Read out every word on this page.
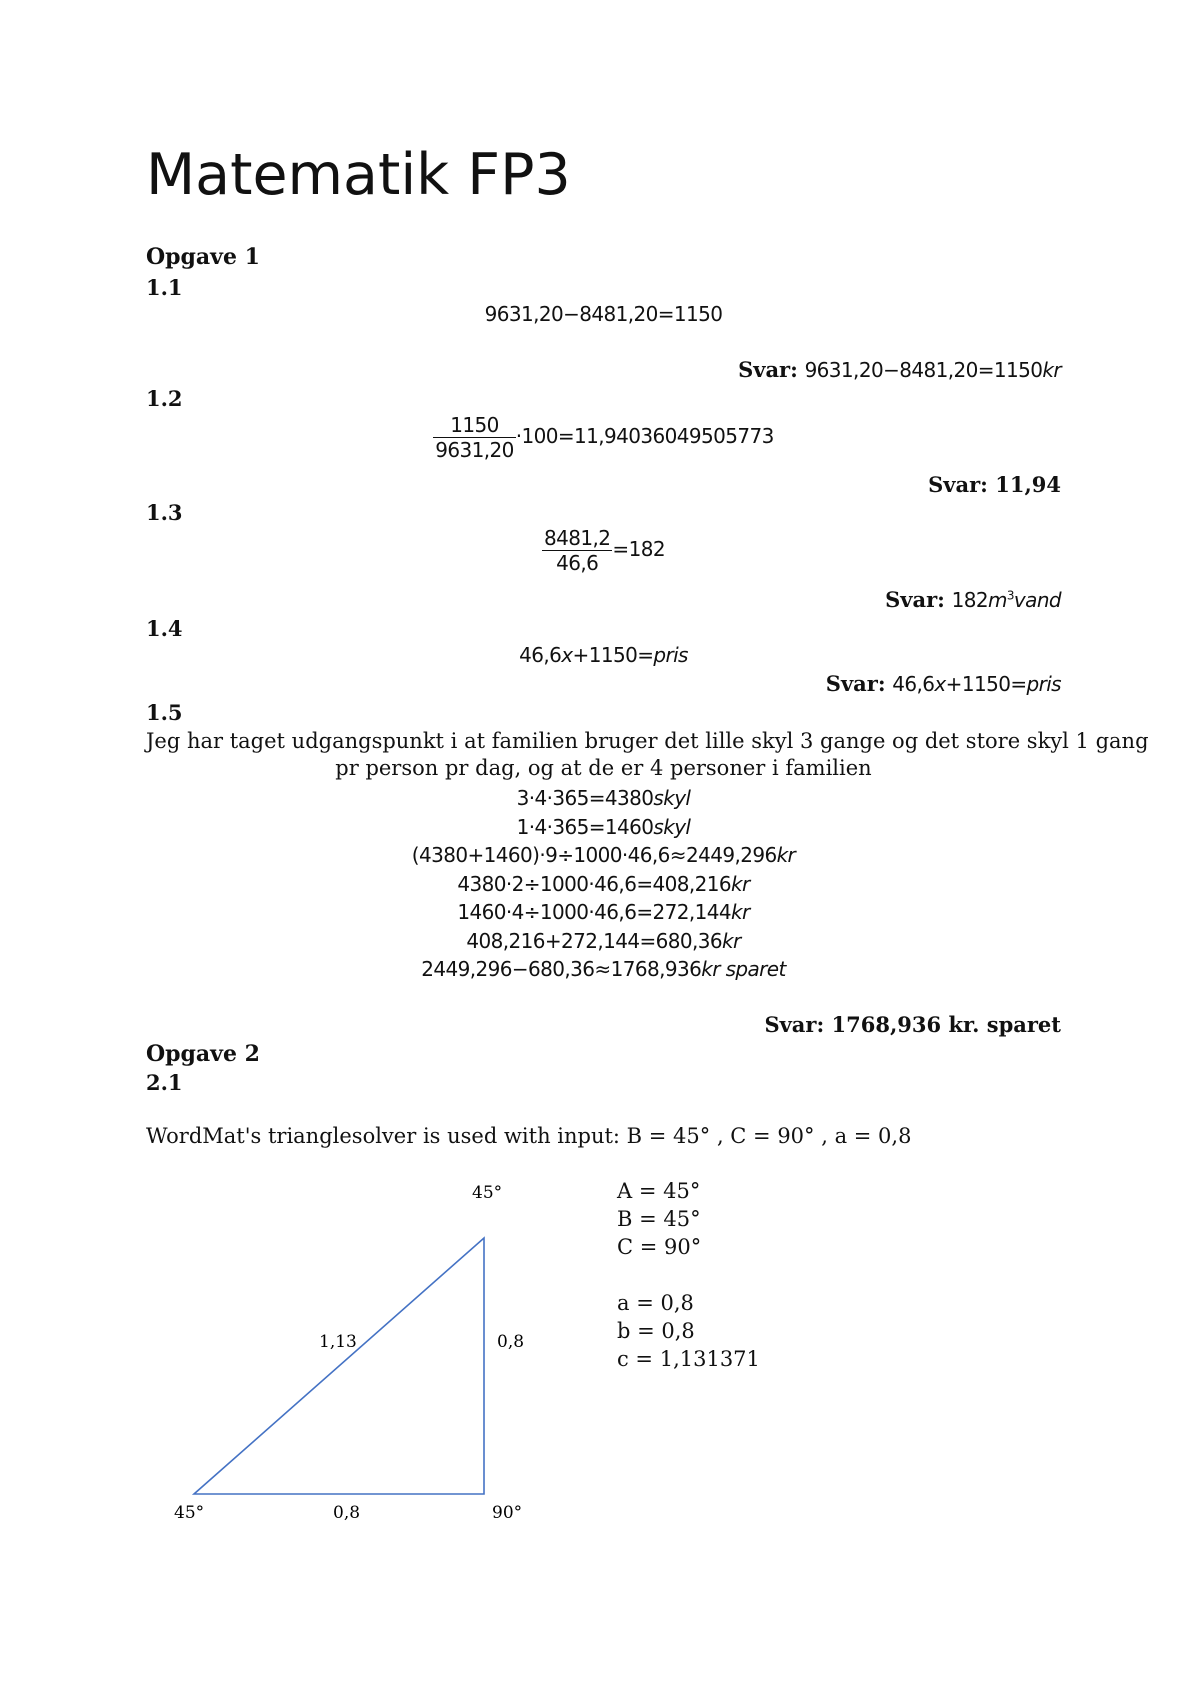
Matematik FP3
Opgave 1
1.1
9631,20−8481,20=1150
Svar: 9631,20−8481,20=1150kr
1.2
$\frac{1150}{9631,20} \cdot 100=11,94036049505773$
Svar: 11,94
1.3
$\frac{8481,2}{46,6} =182$
Svar: $182m^3vand$
1.4
46,6x+1150=pris
Svar: 46,6x+1150=pris
1.5
Jeg har taget udgangspunkt i at familien bruger det lille skyl 3 gange og det store skyl 1 gang
pr person pr dag, og at de er 4 personer i familien
3·4·365=4380skyl
1·4·365=1460skyl
(4380+1460)·9÷1000·46,6≈2449,296kr
4380·2÷1000·46,6=408,216kr
1460·4÷1000·46,6=272,144kr
408,216+272,144=680,36kr
2449,296−680,36≈1768,936kr sparet
Svar: 1768,936 kr. sparet
Opgave 2
2.1
WordMat's trianglesolver is used with input: B = 45° , C = 90° , a = 0,8
45°
45°	90°
1,13	0,8
0,8
A = 45°
B = 45°
C = 90°
a = 0,8
b = 0,8
c = 1,131371
